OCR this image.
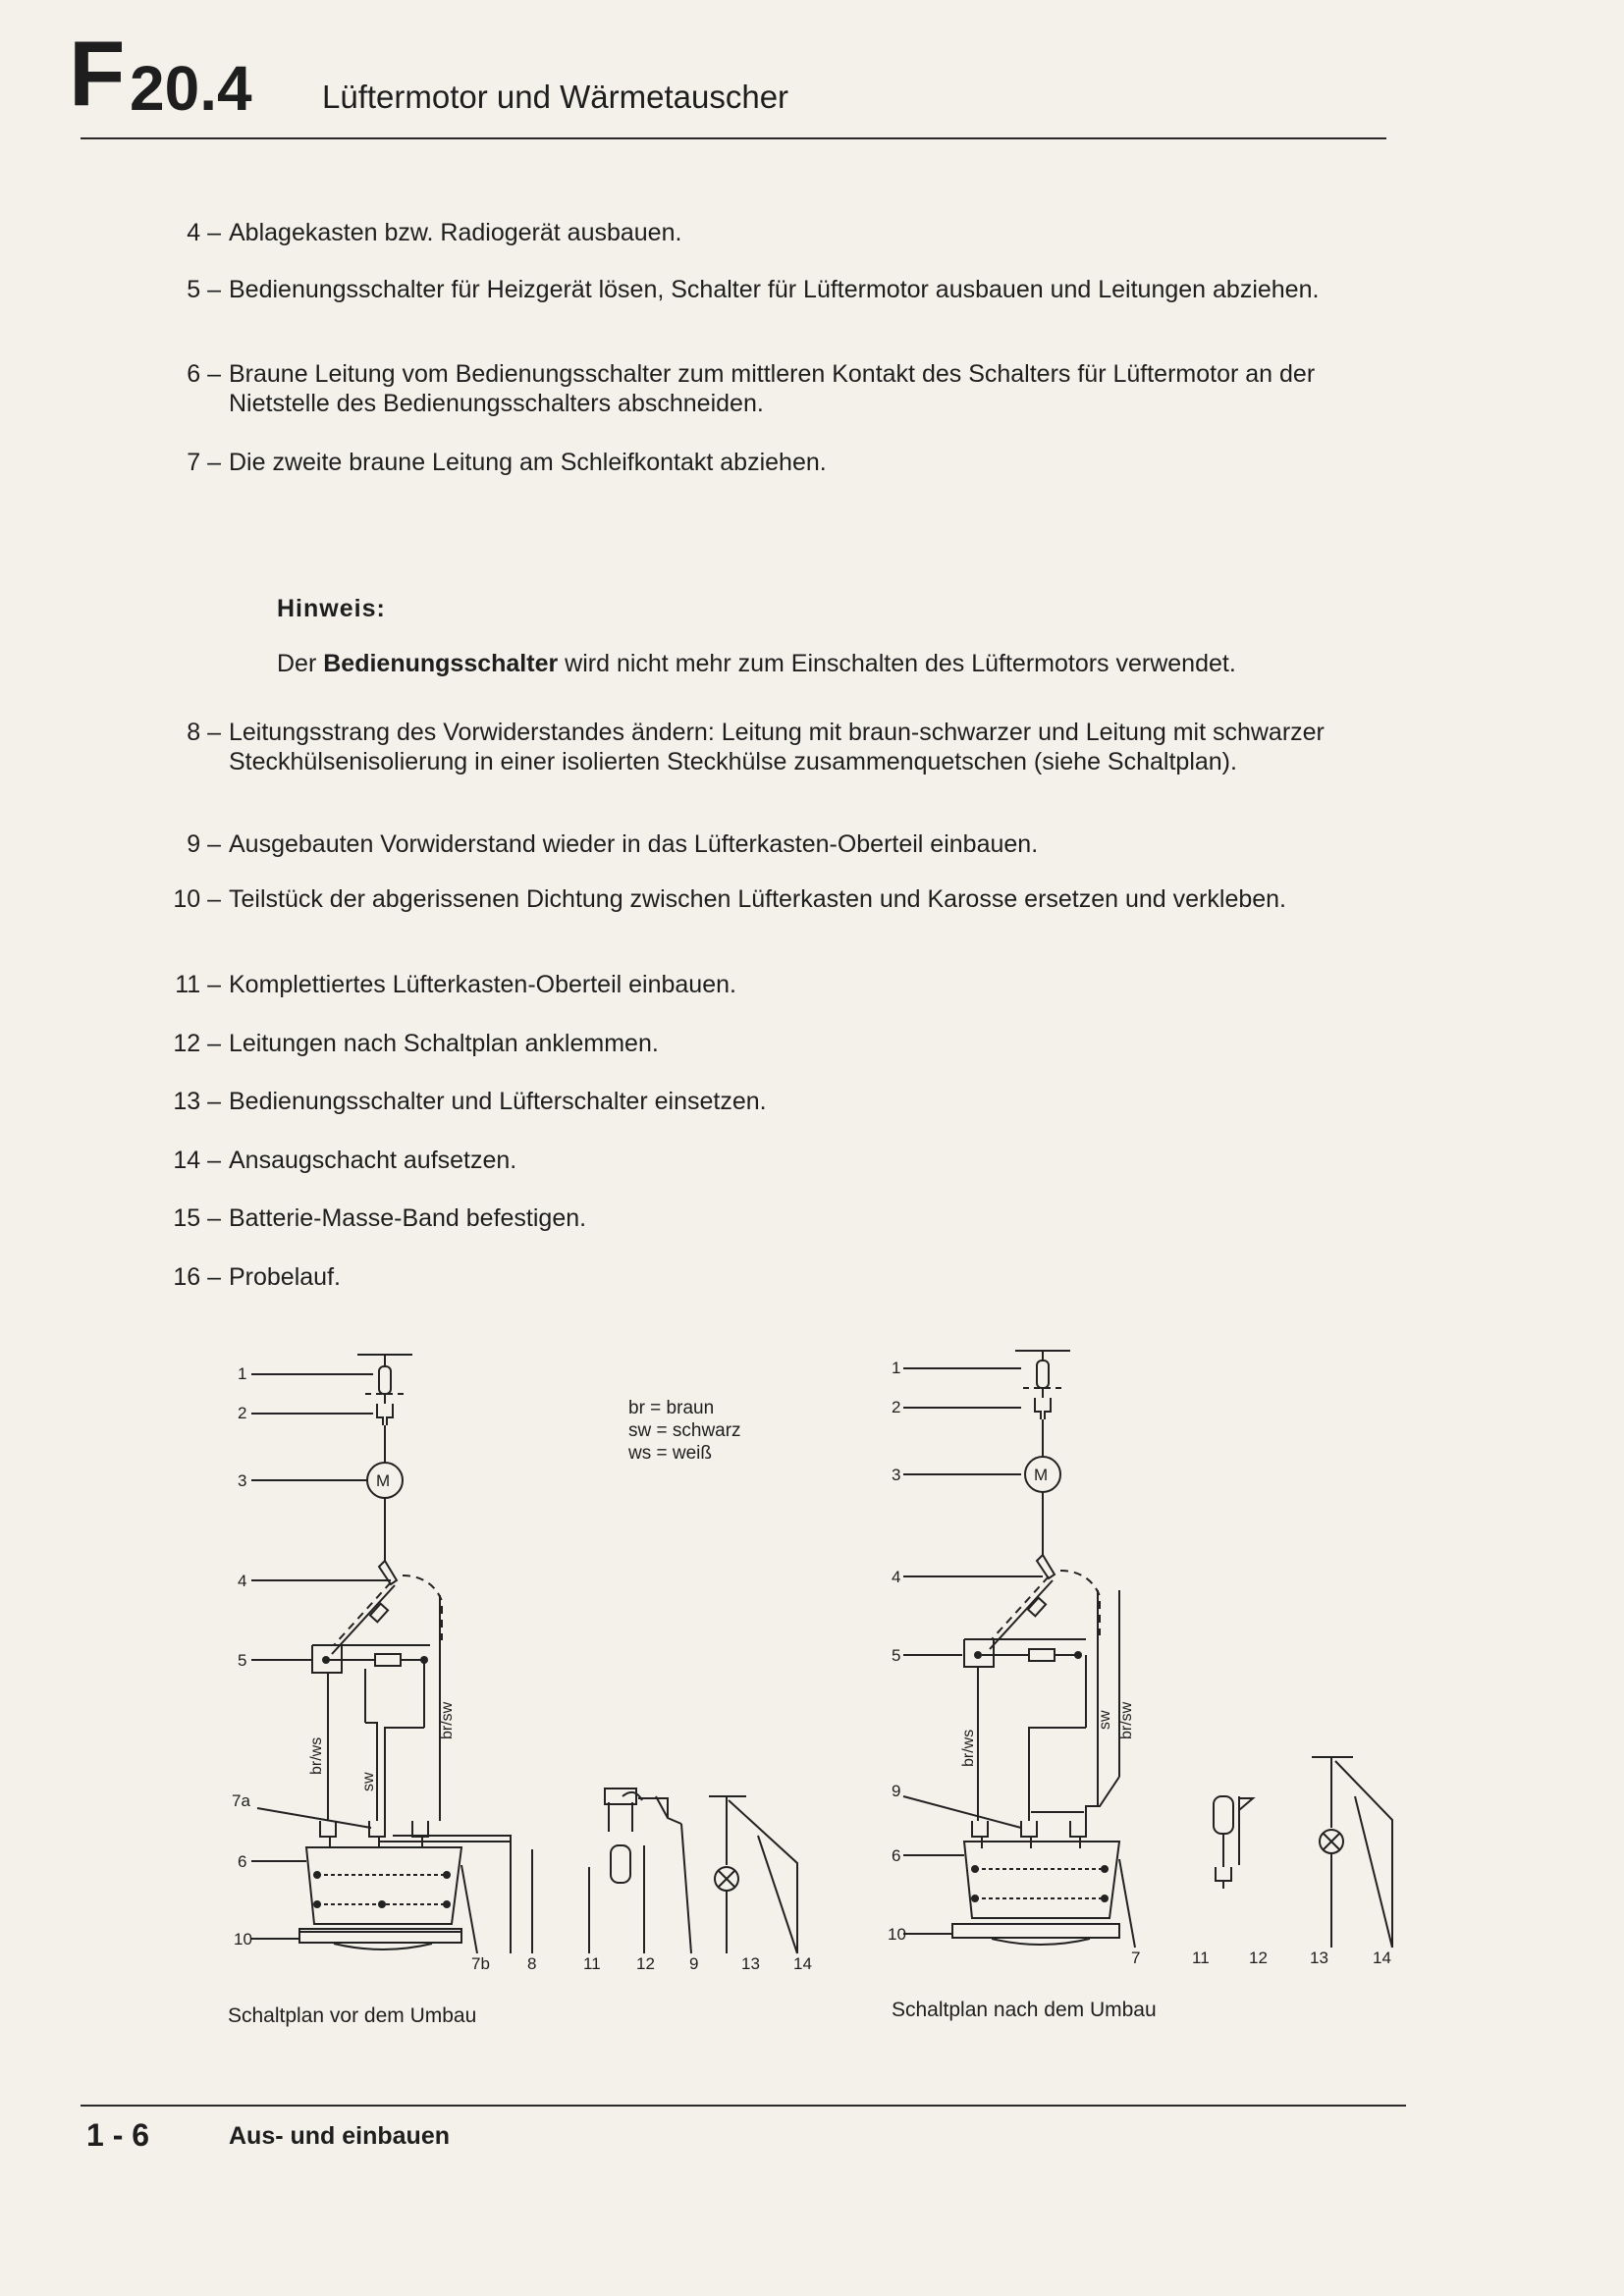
F 20.4 Lüftermotor und Wärmetauscher
4 – Ablagekasten bzw. Radiogerät ausbauen.
5 – Bedienungsschalter für Heizgerät lösen, Schalter für Lüftermotor ausbauen und Leitungen abziehen.
6 – Braune Leitung vom Bedienungsschalter zum mittleren Kontakt des Schalters für Lüftermotor an der Nietstelle des Bedienungsschalters abschneiden.
7 – Die zweite braune Leitung am Schleifkontakt abziehen.
Hinweis:
Der Bedienungsschalter wird nicht mehr zum Einschalten des Lüftermotors verwendet.
8 – Leitungsstrang des Vorwiderstandes ändern: Leitung mit braun-schwarzer und Leitung mit schwarzer Steckhülsenisolierung in einer isolierten Steckhülse zusammenquetschen (siehe Schaltplan).
9 – Ausgebauten Vorwiderstand wieder in das Lüfterkasten-Oberteil einbauen.
10 – Teilstück der abgerissenen Dichtung zwischen Lüfterkasten und Karosse ersetzen und verkleben.
11 – Komplettiertes Lüfterkasten-Oberteil einbauen.
12 – Leitungen nach Schaltplan anklemmen.
13 – Bedienungsschalter und Lüfterschalter einsetzen.
14 – Ansaugschacht aufsetzen.
15 – Batterie-Masse-Band befestigen.
16 – Probelauf.
1
2
3
4
5
7a
6
10
7b 8	11 12 9	13 14
br/ws
sw
br/sw
M
br = braun
sw = schwarz
ws = weiß
1
2
3
4
5
9
6
10
7	11 12	13	14
br/ws
sw br/sw
M
Schaltplan vor dem Umbau	Schaltplan nach dem Umbau
1 - 6	Aus- und einbauen
